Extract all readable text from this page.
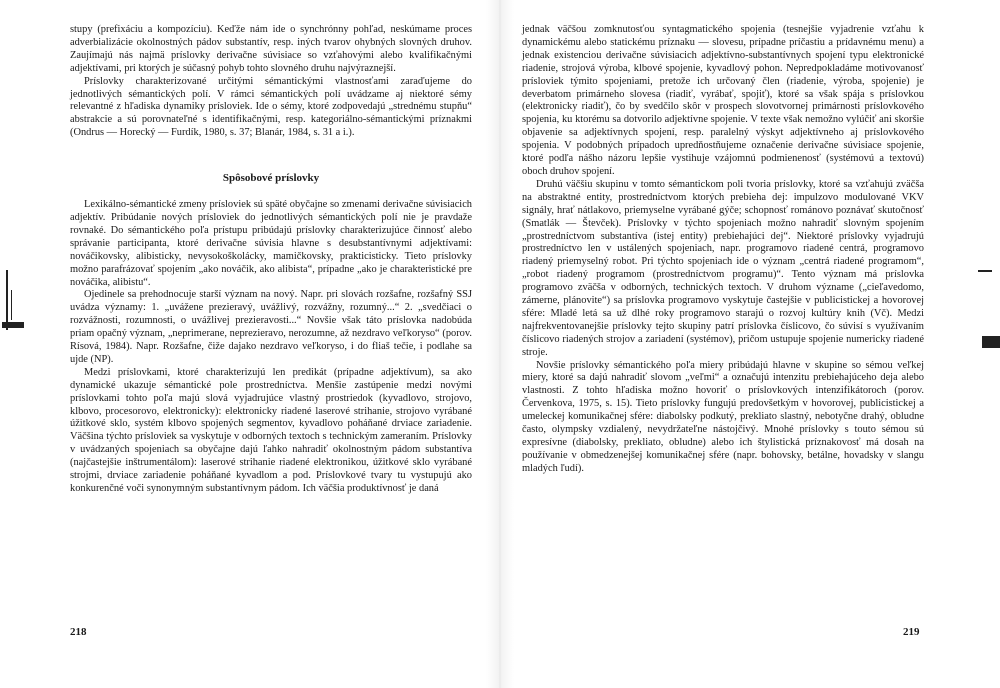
stupy (prefixáciu a kompozíciu). Keďže nám ide o synchrónny pohľad, neskúmame proces adverbializácie okolnostných pádov substantív, resp. iných tvarov ohybných slovných druhov. Zaujímajú nás najmä príslovky derivačne súvisiace so vzťahovými alebo kvalifikačnými adjektívami, pri ktorých je súčasný pohyb tohto slovného druhu najvýraznejší.

Príslovky charakterizované určitými sémantickými vlastnosťami zaraďujeme do jednotlivých sémantických polí. V rámci sémantických polí uvádzame aj niektoré sémy relevantné z hľadiska dynamiky prísloviek. Ide o sémy, ktoré zodpovedajú „strednému stupňu“ abstrakcie a sú porovnateľné s identifikačnými, resp. kategoriálno-sémantickými príznakmi (Ondrus — Horecký — Furdík, 1980, s. 37; Blanár, 1984, s. 31 a i.).

Spôsobové príslovky

Lexikálno-sémantické zmeny prísloviek sú späté obyčajne so zmenami derivačne súvisiacich adjektív. Pribúdanie nových prísloviek do jednotlivých sémantických polí nie je pravdaže rovnaké. Do sémantického poľa prístupu pribúdajú príslovky charakterizujúce činnosť alebo správanie participanta, ktoré derivačne súvisia hlavne s desubstantívnymi adjektívami: nováčikovsky, alibisticky, nevysokoškolácky, mamičkovsky, prakticisticky. Tieto príslovky možno parafrázovať spojením „ako nováčik, ako alibista“, prípadne „ako je charakteristické pre nováčika, alibistu“.

Ojedinele sa prehodnocuje starší význam na nový. Napr. pri slovách rozšafne, rozšafný SSJ uvádza významy: 1. „uvážene prezieravý, uvážlivý, rozvážny, rozumný...“ 2. „svedčiaci o rozvážnosti, rozumnosti, o uvážlivej prezieravosti...“ Novšie však táto príslovka nadobúda priam opačný význam, „neprimerane, neprezieravo, nerozumne, až nezdravo veľkoryso“ (porov. Rísová, 1984). Napr. Rozšafne, čiže dajako nezdravo veľkoryso, i do fliaš tečie, i podlahe sa ujde (NP).

Medzi príslovkami, ktoré charakterizujú len predikát (prípadne adjektívum), sa ako dynamické ukazuje sémantické pole prostredníctva. Menšie zastúpenie medzi novými príslovkami tohto poľa majú slová vyjadrujúce vlastný prostriedok (kyvadlovo, strojovo, klbovo, procesorovo, elektronicky): elektronicky riadené laserové strihanie, strojovo vyrábané úžitkové sklo, systém klbovo spojených segmentov, kyvadlovo poháňané drviace zariadenie. Väčšina týchto prísloviek sa vyskytuje v odborných textoch s technickým zameraním. Príslovky v uvádzaných spojeniach sa obyčajne dajú ľahko nahradiť okolnostným pádom substantíva (najčastejšie inštrumentálom): laserové strihanie riadené elektronikou, úžitkové sklo vyrábané strojmi, drviace zariadenie poháňané kyvadlom a pod. Príslovkové tvary tu vystupujú ako konkurenčné voči synonymným substantívnym pádom. Ich väčšia produktívnosť je daná

218

jednak väčšou zomknutosťou syntagmatického spojenia (tesnejšie vyjadrenie vzťahu k dynamickému alebo statickému príznaku — slovesu, prípadne príčastiu a prídavnému menu) a jednak existenciou derivačne súvisiacich adjektívno-substantívnych spojení typu elektronické riadenie, strojová výroba, klbové spojenie, kyvadlový pohon. Nepredpokladáme motivovanosť prísloviek týmito spojeniami, pretože ich určovaný člen (riadenie, výroba, spojenie) je deverbatom primárneho slovesa (riadiť, vyrábať, spojiť), ktoré sa však spája s príslovkou (elektronicky riadiť), čo by svedčilo skôr v prospech slovotvornej primárnosti príslovkového spojenia, ku ktorému sa dotvorilo adjektívne spojenie. V texte však nemožno vylúčiť ani skoršie objavenie sa adjektívnych spojení, resp. paralelný výskyt adjektívneho aj príslovkového spojenia. V podobných prípadoch upredňostňujeme označenie derivačne súvisiace spojenie, ktoré podľa nášho názoru lepšie vystihuje vzájomnú podmienenosť (systémovú a textovú) oboch druhov spojení.

Druhú väčšiu skupinu v tomto sémantickom poli tvoria príslovky, ktoré sa vzťahujú zväčša na abstraktné entity, prostredníctvom ktorých prebieha dej: impulzovo modulované VKV signály, hrať nátlakovo, priemyselne vyrábané gýče; schopnosť románovo poznávať skutočnosť (Smatlák — Števček). Príslovky v týchto spojeniach možno nahradiť slovným spojením „prostredníctvom substantíva (istej entity) prebiehajúci dej“. Niektoré príslovky vyjadrujú prostredníctvo len v ustálených spojeniach, napr. programovo riadené centrá, programovo riadený priemyselný robot. Pri týchto spojeniach ide o význam „centrá riadené programom“, „robot riadený programom (prostredníctvom programu)“. Tento význam má príslovka programovo zväčša v odborných, technických textoch. V druhom význame („cieľavedomo, zámerne, plánovite“) sa príslovka programovo vyskytuje častejšie v publicistickej a hovorovej sfére: Mladé letá sa už dlhé roky programovo starajú o rozvoj kultúry knih (Vč). Medzi najfrekventovanejšie príslovky tejto skupiny patrí príslovka číslicovo, čo súvisí s využívaním číslicovo riadených strojov a zariadení (systémov), pričom ustupuje spojenie numericky riadené stroje.

Novšie príslovky sémantického poľa miery pribúdajú hlavne v skupine so sémou veľkej miery, ktoré sa dajú nahradiť slovom „veľmi“ a označujú intenzitu prebiehajúceho deja alebo vlastnosti. Z tohto hľadiska možno hovoriť o príslovkových intenzifikátoroch (porov. Červenkova, 1975, s. 15). Tieto príslovky fungujú predovšetkým v hovorovej, publicistickej a umeleckej komunikačnej sfére: diabolsky podkutý, prekliato slastný, nebotyčne drahý, obludne často, olympsky vzdialený, nevydržateľne nástojčivý. Mnohé príslovky s touto sémou sú expresívne (diabolsky, prekliato, obludne) alebo ich štylistická príznakovosť má dosah na používanie v obmedzenejšej komunikačnej sfére (napr. bohovsky, betálne, hovadsky v slangu mladých ľudí).

219
